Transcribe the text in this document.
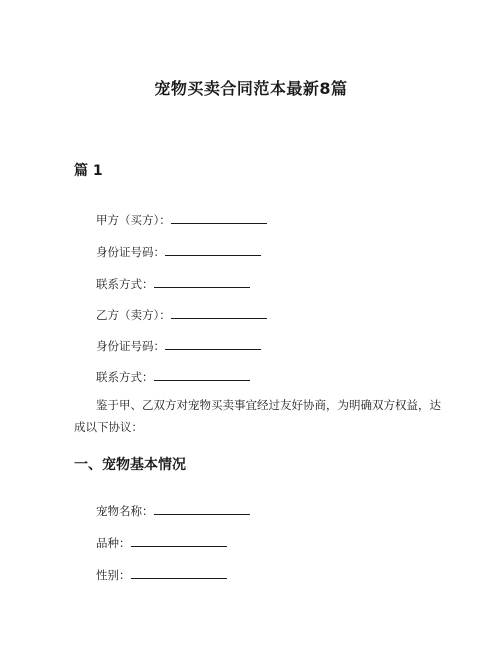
宠物买卖合同范本最新8篇
篇 1
甲方（买方）：
身份证号码：
联系方式：
乙方（卖方）：
身份证号码：
联系方式：
鉴于甲、乙双方对宠物买卖事宜经过友好协商，为明确双方权益，达成以下协议：
一、宠物基本情况
宠物名称：
品种：
性别：
